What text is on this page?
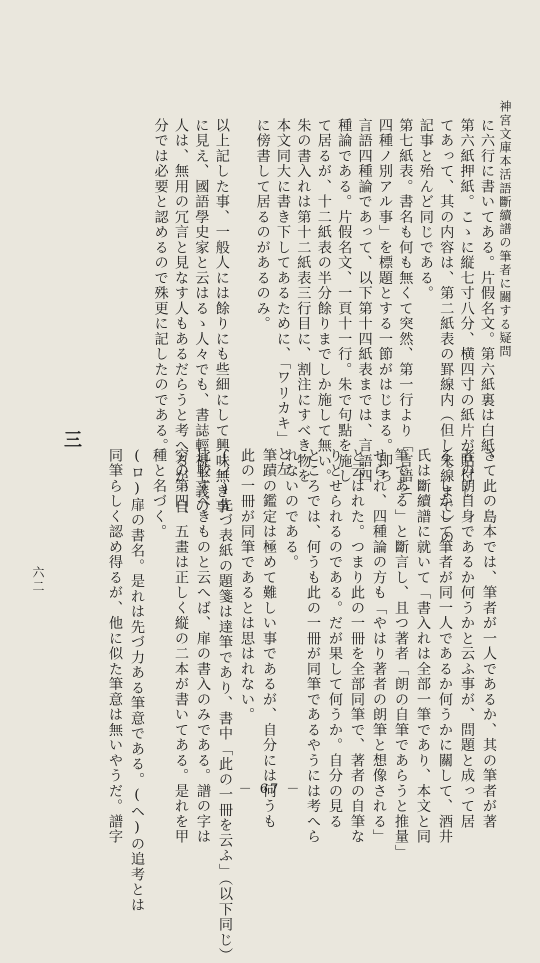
神宮文庫本活語斷續譜の筆者に關する疑問
六二
に六行に書いてある。片假名文。第六紙裏は白紙。
第六紙押紙。こゝに縦七寸八分、横四寸の紙片が貼付し
てあって、其の内容は、第二紙表の罫線内（但し朱線まで）の
記事と殆んど同じである。
第七紙表。書名も何も無くて突然、第一行より「言語ニ
四種ノ別アル事」を標題とする一節がはじまる。即ち
言語四種論であって、以下第十四紙表までは、言語四
種論である。片假名文、一頁十一行。朱で句點を施し
て居るが、十二紙表の半分餘りまでしか施して無い。
朱の書入れは第十二紙表三行目に、割注にすべき物を
本文同大に書き下してあるために、「ワリカキ」と左
に傍書して居るのがあるのみ。
以上記した事、一般人には餘りにも些細にして興味無き事
に見え、國語學史家と云はるゝ人々でも、書誌輕視主義の
人は、無用の冗言と見なす人もあるだらうと考へるが、自
分では必要と認めるので殊更に記したのである。
三
さて此の島本では、筆者が一人であるか、其の筆者が著
者の朗自身であるか何うかと云ふ事が、問題と成って居
る。しかして筆者が同一人であるか何うかに關して、酒井
氏は斷續譜に就いて「書入れは全部一筆であり、本文と同
筆である」と斷言し、且つ著者「朗の自筆であらうと推量」
せられ、四種論の方も「やはり著者の朗筆と想像される」
と云はれた。つまり此の一冊を全部同筆で、著者の自筆な
りとせられるのである。だが果して何うか。自分の見る
ところでは、何うも此の一冊が同筆であるやうには考へら
れないのである。
筆蹟の鑑定は極めて難しい事であるが、自分には何うも
此の一冊が同筆であるとは思はれない。
(イ)先づ表紙の題箋は達筆であり、書中「此の一冊を云ふ」（以下同じ）
比較すべきものと云へば、扉の書入のみである。譜の字は
穷の第四、五畫は正しく縦の二本が書いてある。是れを甲
種と名づく。
(ロ)扉の書名。是れは先づ力ある筆意である。(ヘ)の追考とは
同筆らしく認め得るが、他に似た筆意は無いやうだ。譜字	－ 67 －
